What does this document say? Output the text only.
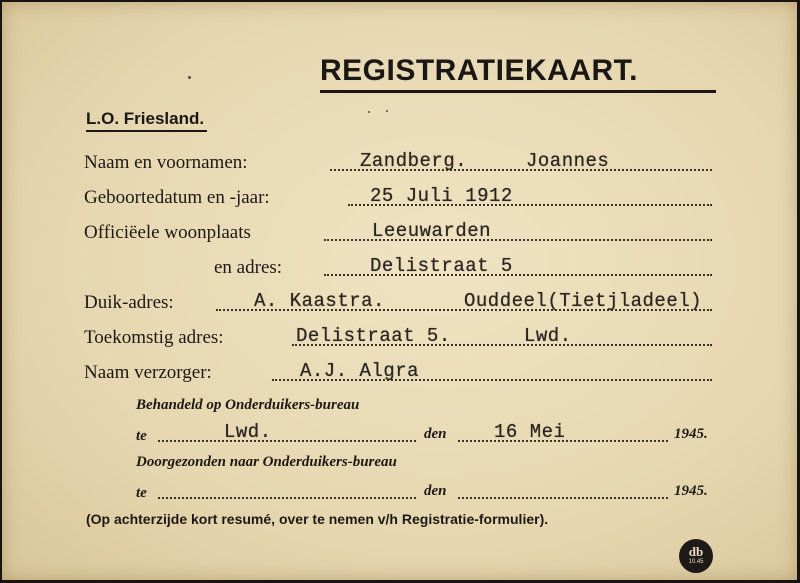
REGISTRATIEKAART.
L.O. Friesland.
Naam en voornamen:	Zandberg.	Joannes
Geboortedatum en -jaar:	25 Juli 1912
Officiëele woonplaats	Leeuwarden
en adres:	Delistraat 5
Duik-adres:	A. Kaastra.	Ouddeel(Tietjladeel)
Toekomstig adres:	Delistraat 5.	Lwd.
Naam verzorger:	A.J. Algra
Behandeld op Onderduikers-bureau
te	Lwd.	den	16 Mei	1945.
Doorgezonden naar Onderduikers-bureau
te	den	1945.
(Op achterzijde kort resumé, over te nemen v/h Registratie-formulier).
db
10.45
